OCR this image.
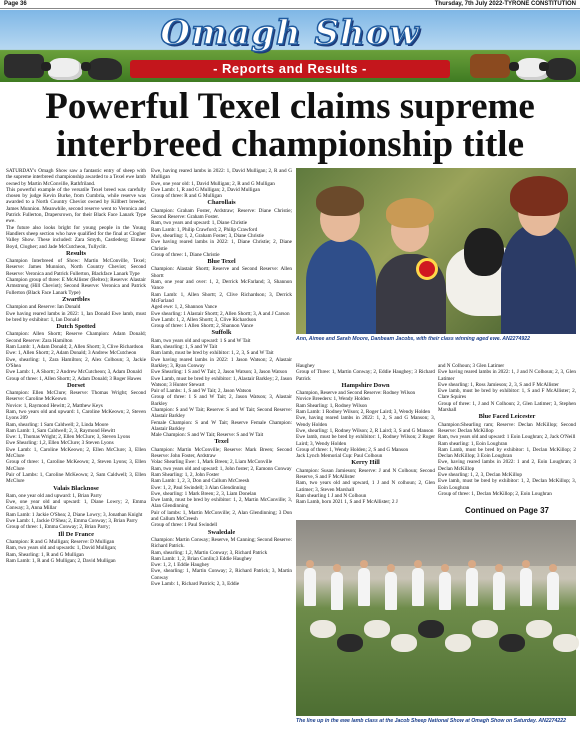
Page 36	Thursday, 7th July 2022-TYRONE CONSTITUTION
Omagh Show
- Reports and Results -
Powerful Texel claims supreme interbreed championship title

SATURDAY's Omagh Show saw a fantastic entry of sheep with the supreme interbreed championship awarded to a Texel ewe lamb owned by Martin McConville, Rathfriland.

This powerful example of the versatile Texel breed was carefully chosen by judge Kevin Burke, from Cumbria, while reserve was awarded to a North Country Cheviot owned by Killbert breeder, James Munnion. Meanwhile, second reserve went to Veronica and Patrick Fullerton, Drapersrown, for their Black Face Lanark Type ewe.

The future also looks bright for young people in the Young Handlers sheep section who have qualified for the final at Clogher Valley Show. These included: Zara Smyth, Castlederg; Eimear Boyd, Clogher; and Jade McCutcheon, Tullyclit.

Results

Champion Interbreed of Show: Martin McConville, Texel; Reserve: James Munnion, North Country Cheviot; Second Reserve: Veronica and Patrick Fullerton, Blackface Lanark Type

Champion group of three: E McAllister (Beltex); Reserve: Alastair Armstrong (Hill Cheviot); Second Reserve: Veronica and Patrick Fullerton (Black Face Lanark Type)

Zwartbles

Champion and Reserve: Ian Donald

Ewe having reared lambs in 2022: 1, Ian Donald Ewe lamb, must be bred by exhibitor: 1, Ian Donald

Dutch Spotted

Champion: Allen Shortt; Reserve Champion: Adam Donald; Second Reserve: Zara Hamilton

Ram Lamb: 1, Adam Donald; 2, Allen Shortt; 3, Clive Richardson

Ewe: 1, Allen Shortt; 2, Adam Donald; 3 Andrew McCutcheon

Ewe, shearling: 1, Zara Hamilton; 2, Alex Colhoun; 3, Jackie O'Shea

Ewe Lamb: 1, A Shortt; 2 Andrew McCutcheon; 3, Adam Donald

Group of three: 1, Allen Shortt; 2, Adam Donald; 3 Roger Hawes

Dorset

Champion: Ellen McClure; Reserve: Thomas Wright; Second Reserve: Caroline McKeown

Novice: 1, Raymond Hewitt; 2, Matthew Keys

Ram, two years old and upward: 1, Caroline McKeown; 2, Steven Lyons 209

Ram, shearling: 1 Sam Caldwell; 2, Linda Moore

Ram Lamb: 1, Sam Caldwell; 2, 3, Raymond Hewitt

Ewe: 1, Thomas Wright; 2, Ellen McClure; 3, Steven Lyons

Ewe Shearling: 1,2, Ellen McClure; 3 Steven Lyons

Ewe Lamb: 1, Caroline McKeown; 2, Ellen McClure; 3, Ellen McClure

Group of three: 1, Caroline McKeown; 2, Steven Lyons; 3, Ellen McClure

Pair of Lambs: 1, Caroline McKeown; 2, Sam Caldwell; 3, Ellen McClure

Valais Blacknose

Ram, one year old and upward: 1, Brian Parry

Ewe, one year old and upward: 1, Diane Lowry; 2, Emma Conway; 3, Anna Millar

Ram Lamb: 1 Jackie O'Shea; 2, Diane Lowry; 3, Jonathan Knight

Ewe Lamb: 1, Jackie O'Shea; 2, Emma Conway; 3, Brian Parry

Group of three: 1, Emma Conway; 2, Brian Parry;

Ill De France

Champion: R and G Mulligan; Reserve: D Mulligan

Ram, two years old and upwards: 1, David Mulligan;

Ram, Shearling: 1, R and G Mulligan

Ram Lamb: 1, R and G Mulligan; 2, David Mulligan

Ewe, having reared lambs in 2022: 1, David Mulligan; 2, R and G Mulligan

Ewe, one year old: 1, David Mulligan; 2, R and G Mulligan

Ewe Lamb: 1, R and G Mulligan; 2, David Mulligan

Group of three: R and G Mulligan

Charollais

Champion: Graham Foster, Ardstraw; Reserve: Diane Christie; Second Reserve: Graham Foster.

Ram, two years and upward: 1, Diane Christie

Ram Lamb: 1, Philip Crawford; 2, Philip Crawford

Ewe, shearling: 1, 2, Graham Foster; 3, Diane Christie

Ewe having reared lambs in 2022: 1, Diane Christie; 2, Diane Christie

Group of three: 1, Diane Christie

Blue Texel

Champion: Alastair Shortt; Reserve and Second Reserve: Allen Shortt

Ram, one year and over: 1, 2, Derrick McFarland; 3, Shannon Vance

Ram Lamb: 1, Allen Shortt; 2, Clive Richardson; 3, Derrick McFarland

Aged ewe: 1, 2, Shannon Vance

Ewe shearling: 1 Alastair Shortt; 2, Allen Shortt; 3, A and J Carson

Ewe Lamb: 1, 2, Allen Shortt; 3, Clive Richardson

Group of three: 1 Allen Shortt; 2, Shannon Vance

Suffolk

Ram, two years old and upward: 1 S and W Tait

Ram, shearling: 1, S and W Tait

Ram lamb, must be bred by exhibitor: 1, 2, 3, S and W Tait

Ewe having reared lambs in 2022: 1 Jason Watson; 2, Alastair Barkley; 3, Ryan Conway

Ewe Shearling: 1 S and W Tait; 2, Jason Watson; 3, Jason Watson

Ewe Lamb, must be bred by exhibitor: 1, Alastair Barkley; 2, Jason Watson; 3 Hunter Stewart

Pair of Lambs: 1, S and W Tait; 2, Jason Watson

Group of three: 1 S and W Tait; 2, Jason Watson; 3, Alastair Barkley

Champion: S and W Tait; Reserve: S and W Tait; Second Reserve: Alastair Barkley

Female Champion: S and W Tait; Reserve Female Champion: Alastair Barkley

Male Champion: S and W Tait; Reserve: S and W Tait

Texel

Champion: Martin McConville; Reserve: Mark Breen; Second Reserve: John Foster, Ardstraw

Volac Shearling Ewe: 1, Mark Breen; 2, Liam McConville

Ram, two years old and upward: 1, John foster; 2, Eamonn Conway

Ram Shearling: 1, 2, John Foster

Ram Lamb: 1, 2, 3, Don and Callum McCreesh

Ewe: 1, 2, Paul Swindell; 3 Alan Glendinning

Ewe, shearling: 1 Mark Breen; 2, 3, Liam Donelan

Ewe lamb, must be bred by exhibitor: 1, 2, Martin McConville; 3, Alan Glendinning

Pair of lambs: 1, Martin McConville; 2, Alan Glendinning; 3 Don and Callum McCreesh

Group of three: 1 Paul Swindell

Swaledale

Champion: Martin Conway; Reserve, M Canning; Second Reserve: Richard Patrick.

Ram, shearling: 1,2, Martin Conway; 3, Richard Patrick

Ram Lamb: 1, 2, Brian Conlin;3 Eddie Haughey

Ewe: 1, 2, 1 Eddie Haughey

Ewe, shearling: 1, Martin Conway; 2, Richard Patrick; 3, Martin Conway

Ewe Lamb: 1, Richard Patrick; 2, 3, Eddie

Ann, Aimee and Sarah Moore, Danbeam Jacobs, with their class winning aged ewe. AN2274922

Haughey

Group of Three: 1, Martin Conway; 2, Eddie Haughey; 3 Richard Patrick

Hampshire Down

Champion, Reserve and Second Reserve: Rodney Wilson

Novice Breeders: 1, Wendy Holden

Ram Shearling: 1, Rodney Wilson

Ram Lamb: 1 Rodney Wilson; 2, Roger Laird; 3, Wendy Holden

Ewe, having reared lambs in 2022: 1, 2, S and G Manson; 3, Wendy Holden

Ewe, shearling: 1, Rodney Wilson; 2, R Laird; 3, S and G Manson

Ewe lamb, must be bred by exhibitor: 1, Rodney Wilson; 2 Roger Laird; 3, Wendy Holden

Group of three: 1, Wendy Holden; 2, S and G Manson

Jack Lynch Memorial Cup: Paul Colhoun

Kerry Hill

Champion: Susan Jamieson; Reserve: J and N Colhoun; Second Reserve, S and F McAllister

Ram, two years old and upward, 1 J and N colhoun; 2, Glen Latimer; 3, Steven Marshall

Ram shearling 1 J and N Colhoun

Ram Lamb, born 2021 1, S and F McAllister; 2 J

and N Colhoun; 3 Glen Latimer

Ewe having reared lambs in 2022: 1, J and N Colhoun; 2, 3, Glen Latimer

Ewe shearling: 1, Ross Jamieson; 2, 3, S and F McAllister

Ewe lamb, must be bred by exhibitor: 1, S and F McAllister; 2, Clare Squires

Group of three: 1, J and N Colhoun; 2, Glen Latimer; 3, Stephen Marshall

Blue Faced Leicester

Champion:Shearling ram; Reserve: Declan McKillop; Second Reserve: Declan McKillop

Ram, two years old and upward: 1 Eoin Loughran; 2, Jack O'Neill

Ram shearling: 1, Eoin Loughran

Ram Lamb, must be bred by exhibitor: 1, Declan McKillop; 2 Declan McKillop; 3 Eoin Loughran

Ewe, having reared lambs in 2022: 1 and 2, Eoin Loughran; 3 Declan McKillop

Ewe shearling: 1, 2, 3, Declan McKillop

Ewe lamb, must be bred by exhibitor: 1, 2, Declan McKillop; 3, Eoin Loughran

Group of three: 1, Declan McKillop; 2, Eoin Loughran

Continued on Page 37
The line up in the ewe lamb class at the Jacob Sheep National Show at Omagh Show on Saturday. AN2274222
